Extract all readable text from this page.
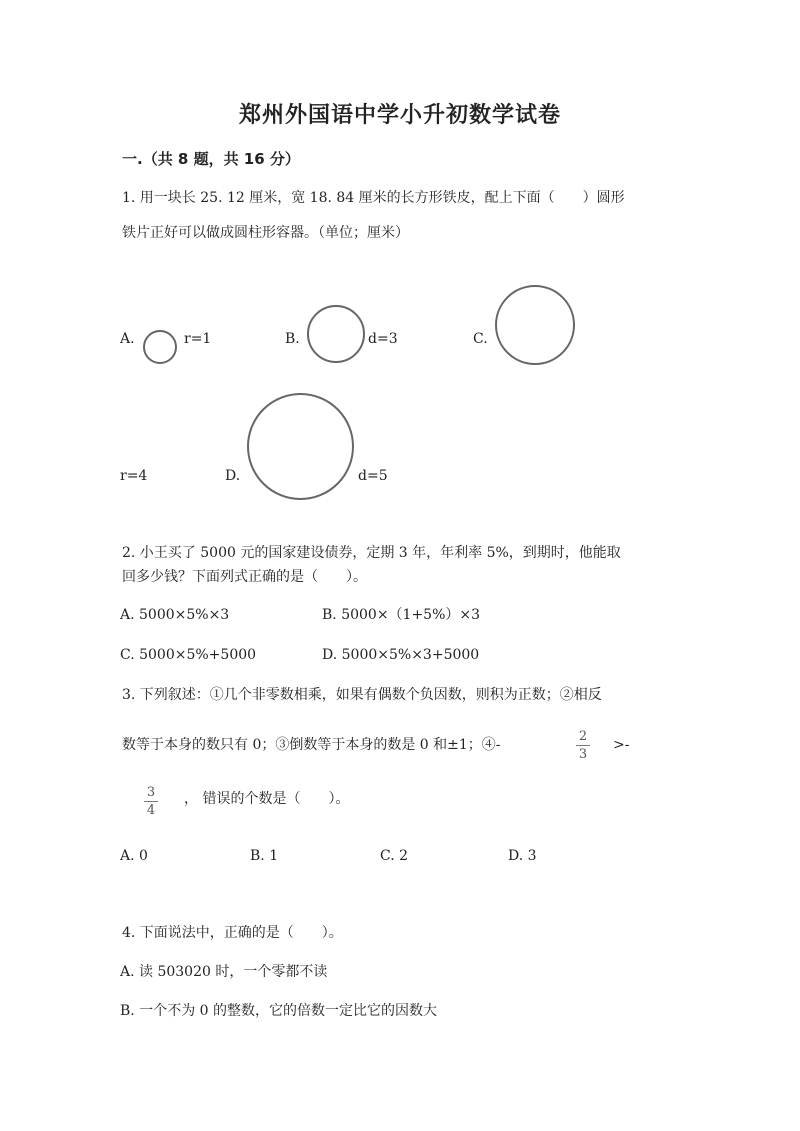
郑州外国语中学小升初数学试卷
一.（共 8 题，共 16 分）
1. 用一块长 25. 12 厘米，宽 18. 84 厘米的长方形铁皮，配上下面（　　）圆形
铁片正好可以做成圆柱形容器。（单位；厘米）
A.	r=1	B.	d=3	C.
r=4	D.	d=5
2. 小王买了 5000 元的国家建设债券，定期 3 年，年利率 5%，到期时，他能取
回多少钱？下面列式正确的是（　　）。
A. 5000×5%×3	B. 5000×（1+5%）×3
C. 5000×5%+5000	D. 5000×5%×3+5000
3. 下列叙述：①几个非零数相乘，如果有偶数个负因数，则积为正数；②相反
数等于本身的数只有 0；③倒数等于本身的数是 0 和±1；④-
2
3
>-
3
4
， 错误的个数是（　　）。
A. 0	B. 1	C. 2	D. 3
4. 下面说法中，正确的是（　　）。
A. 读 503020 时，一个零都不读
B. 一个不为 0 的整数，它的倍数一定比它的因数大
